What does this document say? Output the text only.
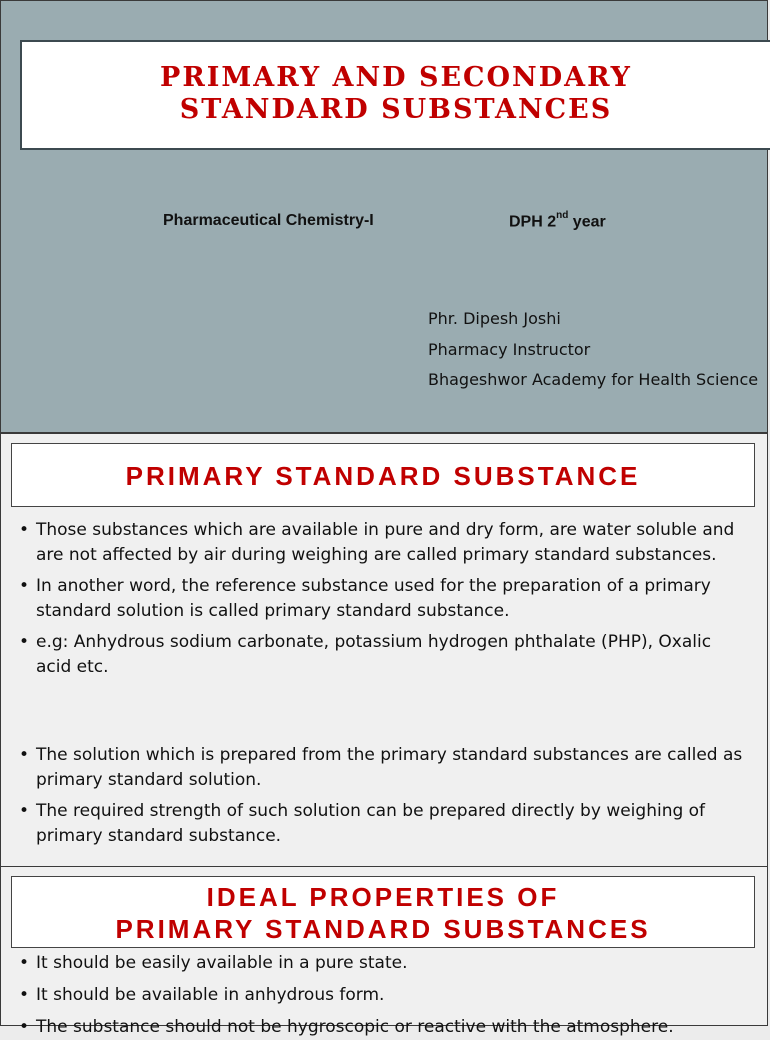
PRIMARY AND SECONDARY
STANDARD SUBSTANCES
Pharmaceutical Chemistry-I	DPH 2nd year
Phr. Dipesh Joshi
Pharmacy Instructor
Bhageshwor Academy for Health Science
PRIMARY STANDARD SUBSTANCE
• Those substances which are available in pure and dry form, are water soluble and are not affected by air during weighing are called primary standard substances.
• In another word, the reference substance used for the preparation of a primary standard solution is called primary standard substance.
• e.g: Anhydrous sodium carbonate, potassium hydrogen phthalate (PHP), Oxalic acid etc.
• The solution which is prepared from the primary standard substances are called as primary standard solution.
• The required strength of such solution can be prepared directly by weighing of primary standard substance.
IDEAL PROPERTIES OF
PRIMARY STANDARD SUBSTANCES
• It should be easily available in a pure state.
• It should be available in anhydrous form.
• The substance should not be hygroscopic or reactive with the atmosphere.
